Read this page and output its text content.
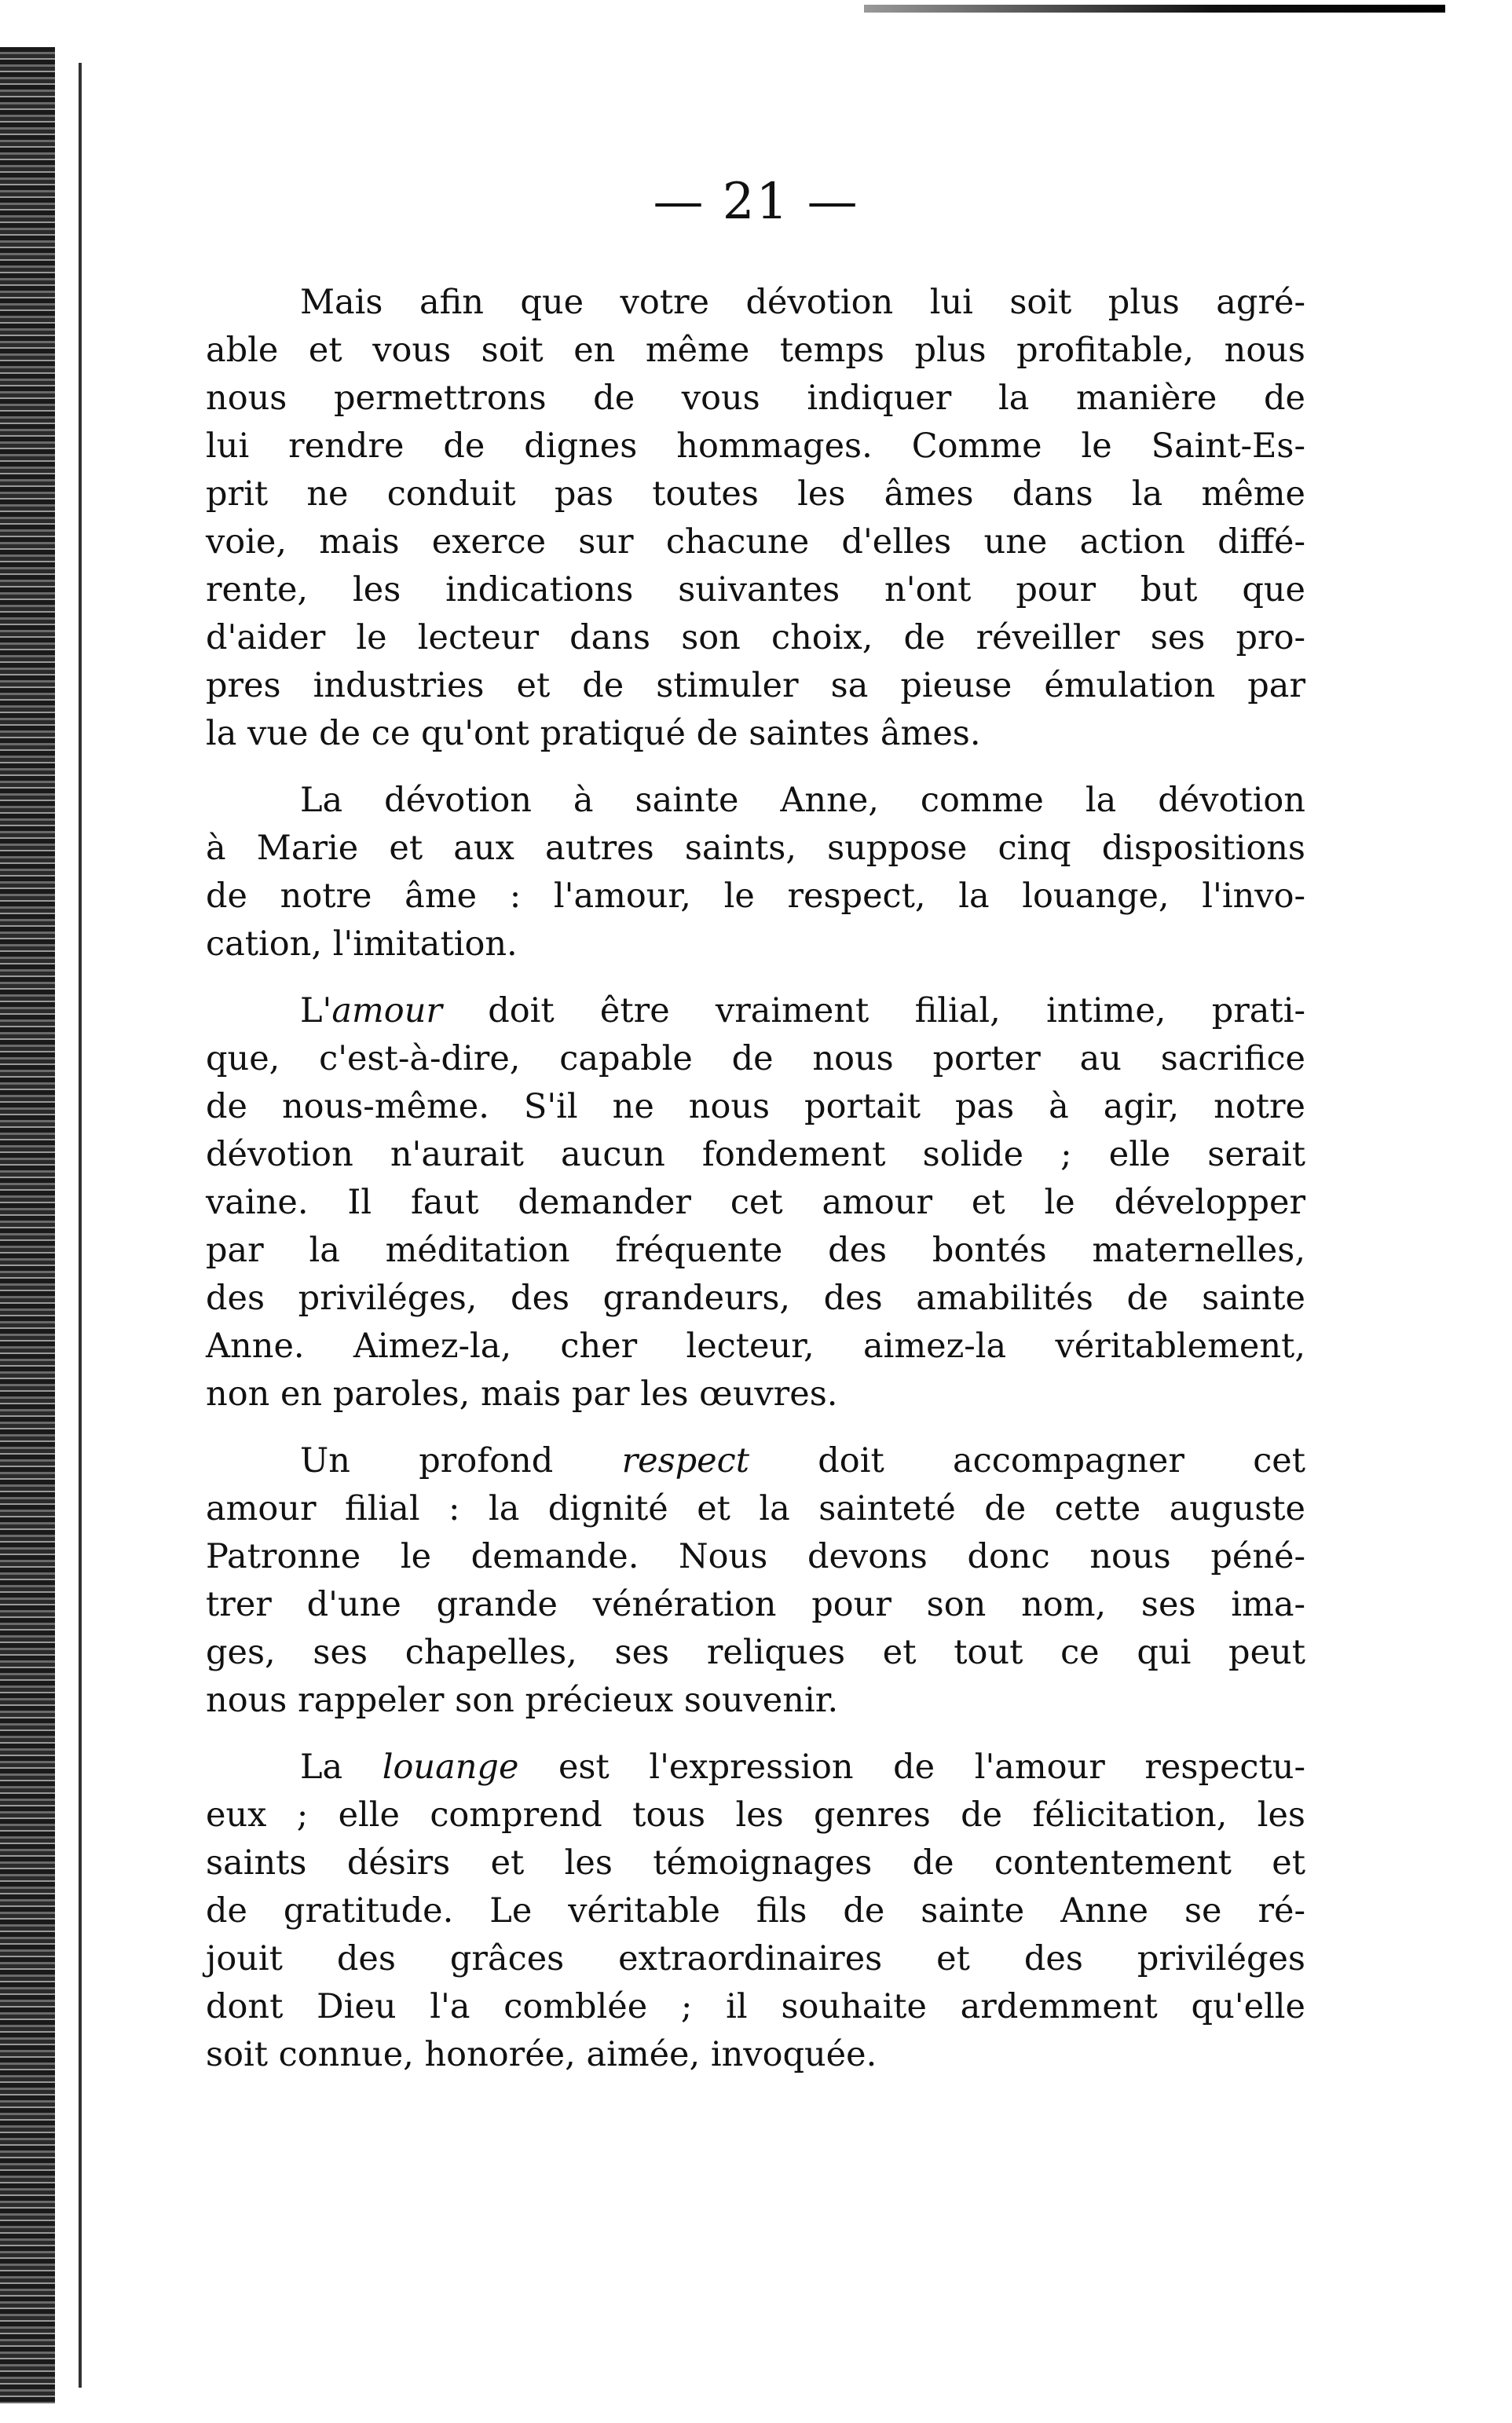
— 21 —

Mais afin que votre dévotion lui soit plus agré-
able et vous soit en même temps plus profitable, nous
nous permettrons de vous indiquer la manière de
lui rendre de dignes hommages. Comme le Saint-Es-
prit ne conduit pas toutes les âmes dans la même
voie, mais exerce sur chacune d'elles une action diffé-
rente, les indications suivantes n'ont pour but que
d'aider le lecteur dans son choix, de réveiller ses pro-
pres industries et de stimuler sa pieuse émulation par
la vue de ce qu'ont pratiqué de saintes âmes.

La dévotion à sainte Anne, comme la dévotion
à Marie et aux autres saints, suppose cinq dispositions
de notre âme : l'amour, le respect, la louange, l'invo-
cation, l'imitation.

L'amour doit être vraiment filial, intime, prati-
que, c'est-à-dire, capable de nous porter au sacrifice
de nous-même. S'il ne nous portait pas à agir, notre
dévotion n'aurait aucun fondement solide ; elle serait
vaine. Il faut demander cet amour et le développer
par la méditation fréquente des bontés maternelles,
des priviléges, des grandeurs, des amabilités de sainte
Anne. Aimez-la, cher lecteur, aimez-la véritablement,
non en paroles, mais par les œuvres.

Un profond respect doit accompagner cet
amour filial : la dignité et la sainteté de cette auguste
Patronne le demande. Nous devons donc nous péné-
trer d'une grande vénération pour son nom, ses ima-
ges, ses chapelles, ses reliques et tout ce qui peut
nous rappeler son précieux souvenir.

La louange est l'expression de l'amour respectu-
eux ; elle comprend tous les genres de félicitation, les
saints désirs et les témoignages de contentement et
de gratitude. Le véritable fils de sainte Anne se ré-
jouit des grâces extraordinaires et des priviléges
dont Dieu l'a comblée ; il souhaite ardemment qu'elle
soit connue, honorée, aimée, invoquée.
